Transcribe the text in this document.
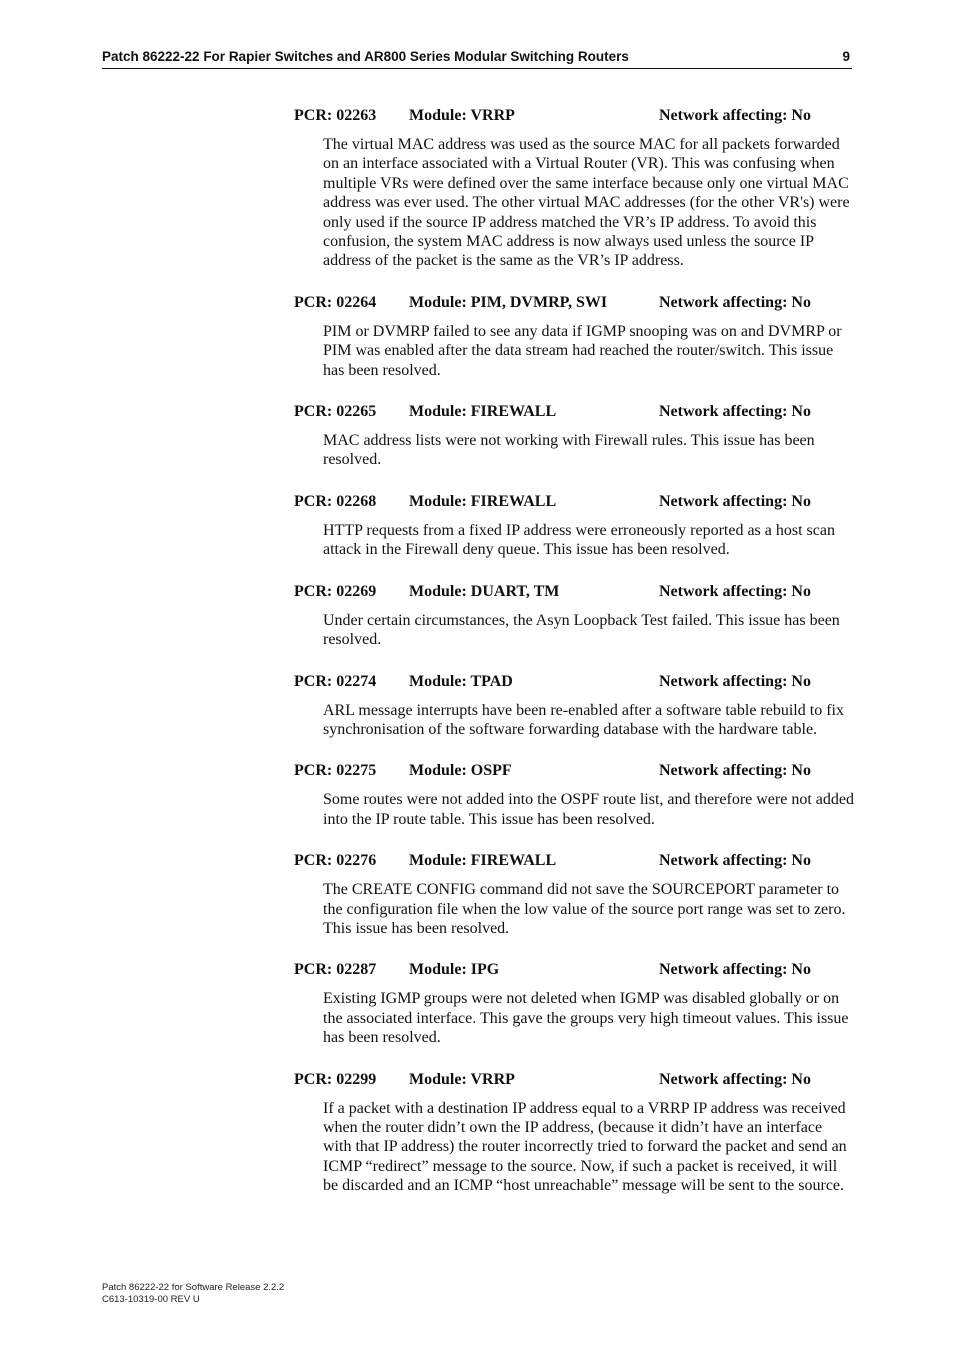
Patch 86222-22 For Rapier Switches and AR800 Series Modular Switching Routers	9
PCR: 02263 Module: VRRP	Network affecting: No
The virtual MAC address was used as the source MAC for all packets forwarded on an interface associated with a Virtual Router (VR). This was confusing when multiple VRs were defined over the same interface because only one virtual MAC address was ever used. The other virtual MAC addresses (for the other VR's) were only used if the source IP address matched the VR’s IP address. To avoid this confusion, the system MAC address is now always used unless the source IP address of the packet is the same as the VR’s IP address.
PCR: 02264 Module: PIM, DVMRP, SWI	Network affecting: No
PIM or DVMRP failed to see any data if IGMP snooping was on and DVMRP or PIM was enabled after the data stream had reached the router/switch. This issue has been resolved.
PCR: 02265 Module: FIREWALL	Network affecting: No
MAC address lists were not working with Firewall rules. This issue has been resolved.
PCR: 02268 Module: FIREWALL	Network affecting: No
HTTP requests from a fixed IP address were erroneously reported as a host scan attack in the Firewall deny queue. This issue has been resolved.
PCR: 02269 Module: DUART, TM	Network affecting: No
Under certain circumstances, the Asyn Loopback Test failed. This issue has been resolved.
PCR: 02274 Module: TPAD	Network affecting: No
ARL message interrupts have been re-enabled after a software table rebuild to fix synchronisation of the software forwarding database with the hardware table.
PCR: 02275 Module: OSPF	Network affecting: No
Some routes were not added into the OSPF route list, and therefore were not added into the IP route table. This issue has been resolved.
PCR: 02276 Module: FIREWALL	Network affecting: No
The CREATE CONFIG command did not save the SOURCEPORT parameter to the configuration file when the low value of the source port range was set to zero. This issue has been resolved.
PCR: 02287 Module: IPG	Network affecting: No
Existing IGMP groups were not deleted when IGMP was disabled globally or on the associated interface. This gave the groups very high timeout values. This issue has been resolved.
PCR: 02299 Module: VRRP	Network affecting: No
If a packet with a destination IP address equal to a VRRP IP address was received when the router didn’t own the IP address, (because it didn’t have an interface with that IP address) the router incorrectly tried to forward the packet and send an ICMP “redirect” message to the source. Now, if such a packet is received, it will be discarded and an ICMP “host unreachable” message will be sent to the source.
Patch 86222-22 for Software Release 2.2.2
C613-10319-00 REV U
